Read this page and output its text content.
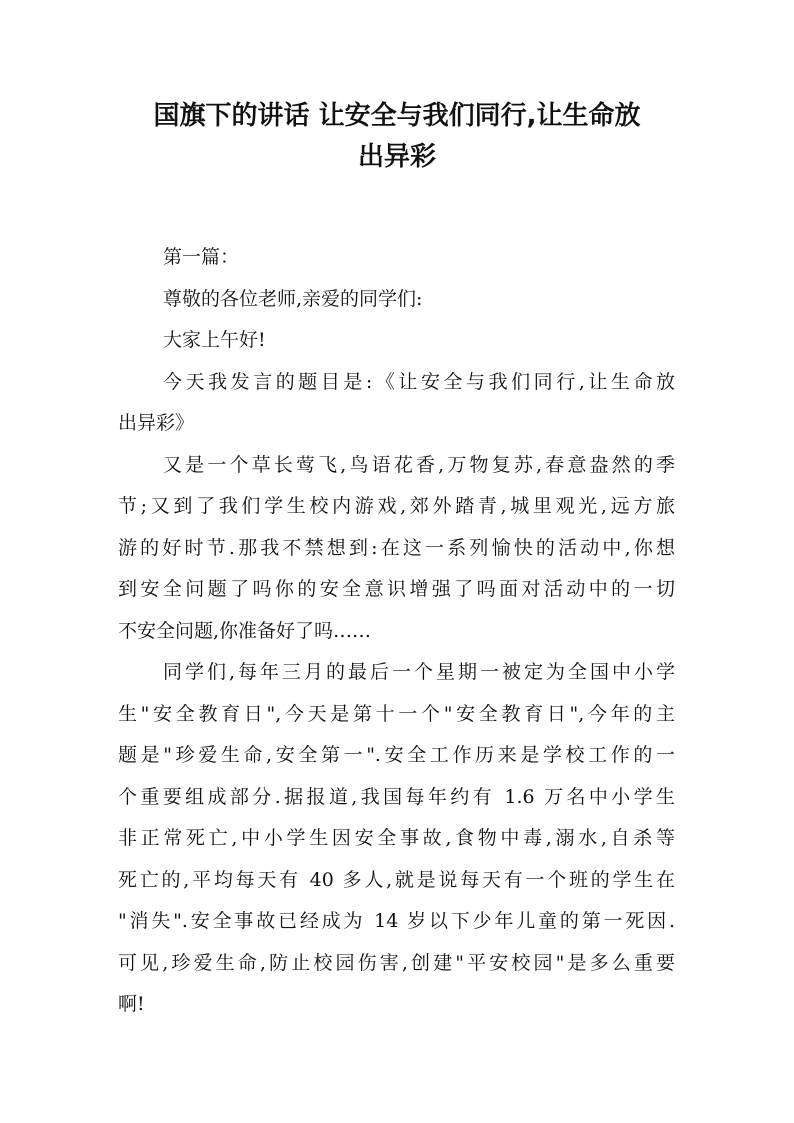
国旗下的讲话 让安全与我们同行,让生命放
出异彩
第一篇：
尊敬的各位老师,亲爱的同学们:
大家上午好!
今天我发言的题目是:《让安全与我们同行,让生命放
出异彩》
又是一个草长莺飞,鸟语花香,万物复苏,春意盎然的季
节;又到了我们学生校内游戏,郊外踏青,城里观光,远方旅
游的好时节.那我不禁想到:在这一系列愉快的活动中,你想
到安全问题了吗你的安全意识增强了吗面对活动中的一切
不安全问题,你准备好了吗……
同学们,每年三月的最后一个星期一被定为全国中小学
生"安全教育日",今天是第十一个"安全教育日",今年的主
题是"珍爱生命,安全第一".安全工作历来是学校工作的一
个重要组成部分.据报道,我国每年约有 1.6 万名中小学生
非正常死亡,中小学生因安全事故,食物中毒,溺水,自杀等
死亡的,平均每天有 40 多人,就是说每天有一个班的学生在
"消失".安全事故已经成为 14 岁以下少年儿童的第一死因.
可见,珍爱生命,防止校园伤害,创建"平安校园"是多么重要
啊!
